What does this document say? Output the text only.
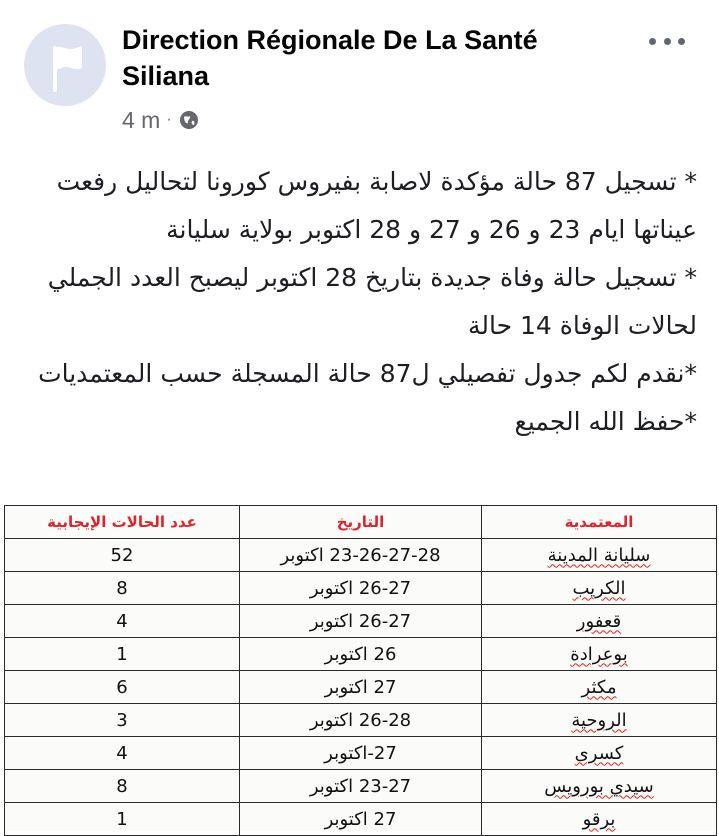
Direction Régionale De La Santé Siliana
4 m ·

* تسجيل 87 حالة مؤكدة لاصابة بفيروس كورونا لتحاليل رفعت عيناتها ايام 23 و 26 و 27 و 28 اكتوبر بولاية سليانة

* تسجيل حالة وفاة جديدة بتاريخ 28 اكتوبر ليصبح العدد الجملي لحالات الوفاة 14 حالة

*نقدم لكم جدول تفصيلي ل87 حالة المسجلة حسب المعتمديات

*حفظ الله الجميع

المعتمدية	التاريخ	عدد الحالات الإيجابية
سليانة المدينة	23-26-27-28 اكتوبر	52
الكريب	26-27 اكتوبر	8
قعفور	26-27 اكتوبر	4
بوعرادة	26 اكتوبر	1
مكثر	27 اكتوبر	6
الروحية	26-28 اكتوبر	3
كسرى	27-اكتوبر	4
سيدي بورويس	23-27 اكتوبر	8
برقو	27 اكتوبر	1
